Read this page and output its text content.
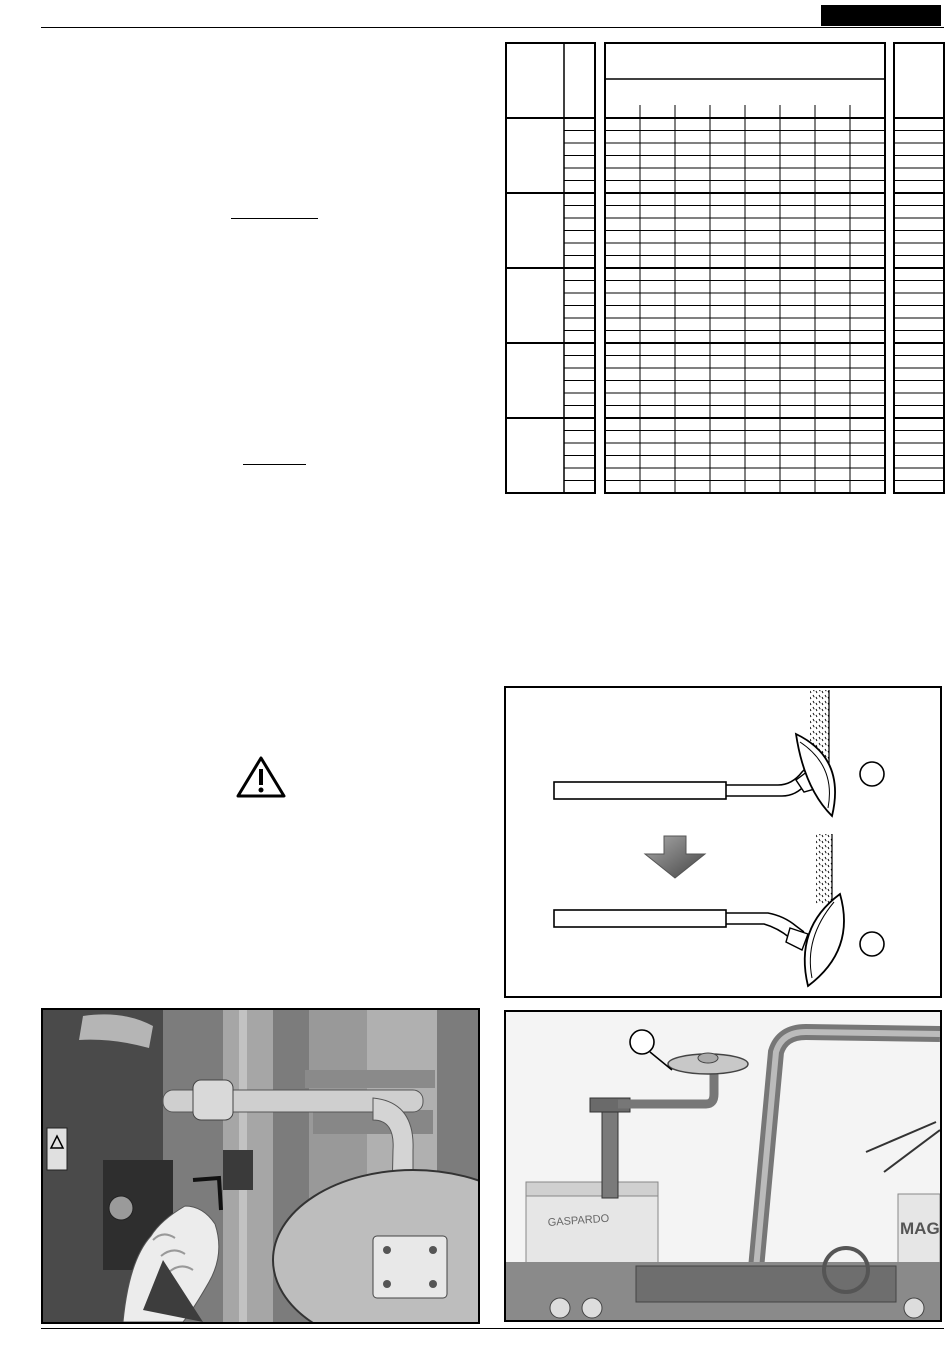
GASPARDO	MAG
